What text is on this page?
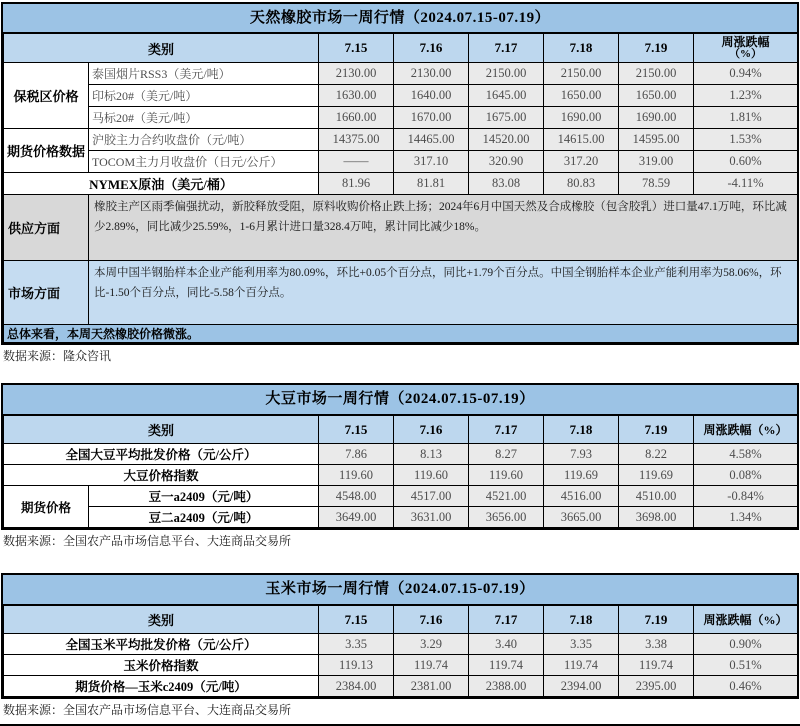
天然橡胶市场一周行情（2024.07.15-07.19）
类别		7.15	7.16	7.17	7.18	7.19	周涨跌幅
（%）

保税区价格	泰国烟片RSS3（美元/吨）	2130.00	2130.00	2150.00	2150.00	2150.00	0.94%
	印标20#（美元/吨）	1630.00	1640.00	1645.00	1650.00	1650.00	1.23%
	马标20#（美元/吨）	1660.00	1670.00	1675.00	1690.00	1690.00	1.81%
期货价格数据	沪胶主力合约收盘价（元/吨）	14375.00	14465.00	14520.00	14615.00	14595.00	1.53%
	TOCOM主力月收盘价（日元/公斤）	——	317.10	320.90	317.20	319.00	0.60%
NYMEX原油（美元/桶）		81.96	81.81	83.08	80.83	78.59	-4.11%
供应方面	橡胶主产区雨季偏强扰动，新胶释放受阻，原料收购价格止跌上扬；2024年6月中国天然及合成橡胶（包含胶乳）进口量47.1万吨，环比减少2.89%，同比减少25.59%，1-6月累计进口量328.4万吨，累计同比减少18%。						
市场方面	本周中国半钢胎样本企业产能利用率为80.09%，环比+0.05个百分点，同比+1.79个百分点。中国全钢胎样本企业产能利用率为58.06%，环比-1.50个百分点，同比-5.58个百分点。						
总体来看，本周天然橡胶价格微涨。							
数据来源：隆众咨讯
大豆市场一周行情（2024.07.15-07.19）
类别		7.15	7.16	7.17	7.18	7.19	周涨跌幅（%）
全国大豆平均批发价格（元/公斤）		7.86	8.13	8.27	7.93	8.22	4.58%
大豆价格指数		119.60	119.60	119.60	119.69	119.69	0.08%
期货价格	豆一a2409（元/吨）	4548.00	4517.00	4521.00	4516.00	4510.00	-0.84%
	豆二a2409（元/吨）	3649.00	3631.00	3656.00	3665.00	3698.00	1.34%
数据来源：全国农产品市场信息平台、大连商品交易所
玉米市场一周行情（2024.07.15-07.19）
类别	7.15	7.16	7.17	7.18	7.19	周涨跌幅（%）
全国玉米平均批发价格（元/公斤）	3.35	3.29	3.40	3.35	3.38	0.90%
玉米价格指数	119.13	119.74	119.74	119.74	119.74	0.51%
期货价格—玉米c2409（元/吨）	2384.00	2381.00	2388.00	2394.00	2395.00	0.46%
数据来源：全国农产品市场信息平台、大连商品交易所
